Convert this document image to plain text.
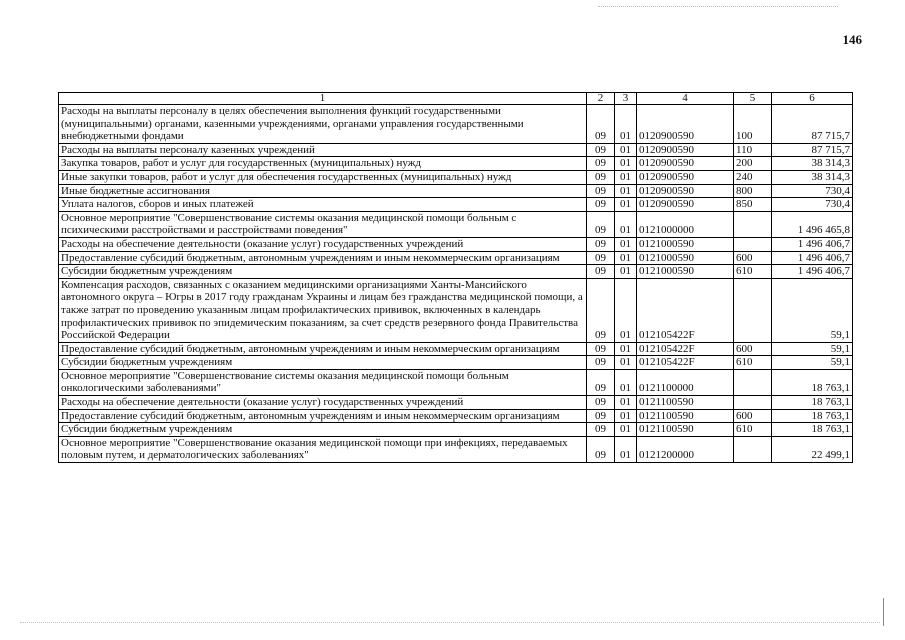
146
1	2	3	4	5	6
Расходы на выплаты персоналу в целях обеспечения выполнения функций государственными (муниципальными) органами, казенными учреждениями, органами управления государственными внебюджетными фондами	09	01	0120900590	100	87 715,7
Расходы на выплаты персоналу казенных учреждений	09	01	0120900590	110	87 715,7
Закупка товаров, работ и услуг для государственных (муниципальных) нужд	09	01	0120900590	200	38 314,3
Иные закупки товаров, работ и услуг для обеспечения государственных (муниципальных) нужд	09	01	0120900590	240	38 314,3
Иные бюджетные ассигнования	09	01	0120900590	800	730,4
Уплата налогов, сборов и иных платежей	09	01	0120900590	850	730,4
Основное мероприятие "Совершенствование системы оказания медицинской помощи больным с психическими расстройствами и расстройствами поведения"	09	01	0121000000		1 496 465,8
Расходы на обеспечение деятельности (оказание услуг) государственных учреждений	09	01	0121000590		1 496 406,7
Предоставление субсидий бюджетным, автономным учреждениям и иным некоммерческим организациям	09	01	0121000590	600	1 496 406,7
Субсидии бюджетным учреждениям	09	01	0121000590	610	1 496 406,7
Компенсация расходов, связанных с оказанием медицинскими организациями Ханты-Мансийского автономного округа – Югры в 2017 году гражданам Украины и лицам без гражданства медицинской помощи, а также затрат по проведению указанным лицам профилактических прививок, включенных в календарь профилактических прививок по эпидемическим показаниям, за счет средств резервного фонда Правительства Российской Федерации	09	01	012105422F		59,1
Предоставление субсидий бюджетным, автономным учреждениям и иным некоммерческим организациям	09	01	012105422F	600	59,1
Субсидии бюджетным учреждениям	09	01	012105422F	610	59,1
Основное мероприятие "Совершенствование системы оказания медицинской помощи больным онкологическими заболеваниями"	09	01	0121100000		18 763,1
Расходы на обеспечение деятельности (оказание услуг) государственных учреждений	09	01	0121100590		18 763,1
Предоставление субсидий бюджетным, автономным учреждениям и иным некоммерческим организациям	09	01	0121100590	600	18 763,1
Субсидии бюджетным учреждениям	09	01	0121100590	610	18 763,1
Основное мероприятие "Совершенствование оказания медицинской помощи при инфекциях, передаваемых половым путем, и дерматологических заболеваниях"	09	01	0121200000		22 499,1
